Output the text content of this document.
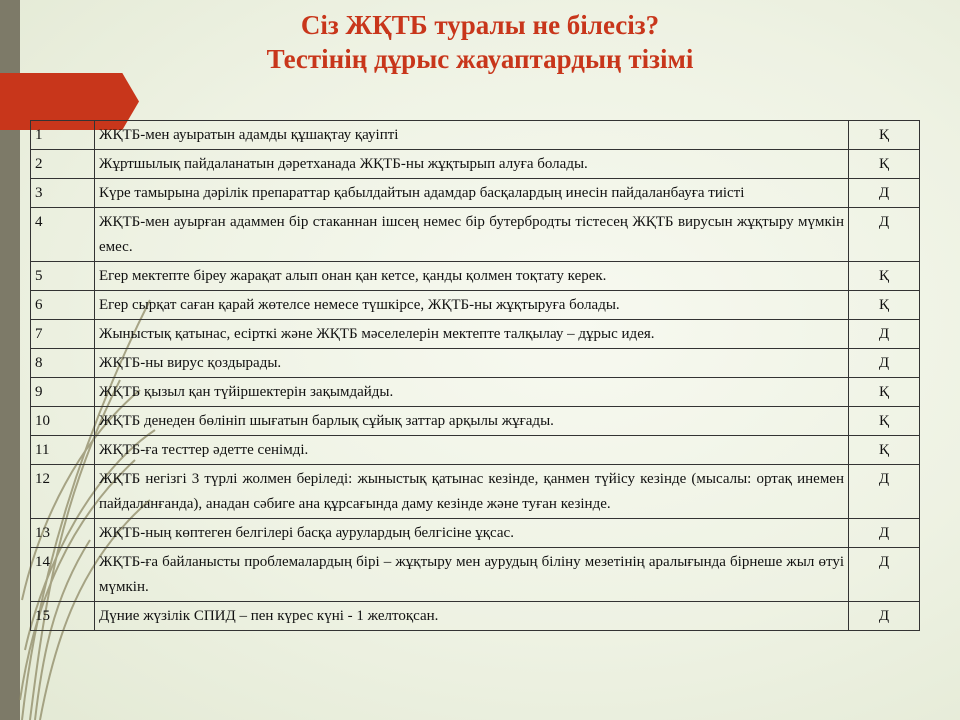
Сіз ЖҚТБ туралы не білесіз?
Тестінің дұрыс жауаптардың тізімі
1	ЖҚТБ-мен ауыратын адамды құшақтау қауіпті	Қ
2	Жұртшылық пайдаланатын дәретханада ЖҚТБ-ны жұқтырып алуға болады.	Қ
3	Күре тамырына дәрілік препараттар қабылдайтын адамдар басқалардың инесін пайдаланбауға тиісті	Д
4	ЖҚТБ-мен ауырған адаммен бір стаканнан ішсең немес бір бутербродты тістесең ЖҚТБ вирусын жұқтыру мүмкін емес.	Д
5	Егер мектепте біреу жарақат алып онан қан кетсе, қанды қолмен тоқтату керек.	Қ
6	Егер сырқат саған қарай жөтелсе немесе түшкірсе, ЖҚТБ-ны жұқтыруға болады.	Қ
7	Жыныстық қатынас, есірткі және ЖҚТБ мәселелерін мектепте талқылау – дұрыс идея.	Д
8	ЖҚТБ-ны вирус қоздырады.	Д
9	ЖҚТБ қызыл қан түйіршектерін зақымдайды.	Қ
10	ЖҚТБ денеден бөлініп шығатын барлық сұйық заттар арқылы жұғады.	Қ
11	ЖҚТБ-ға тесттер әдетте сенімді.	Қ
12	ЖҚТБ негізгі 3 түрлі жолмен беріледі: жыныстық қатынас кезінде, қанмен түйісу кезінде (мысалы: ортақ инемен пайдаланғанда), анадан сәбиге ана құрсағында даму кезінде және туған кезінде.	Д
13	ЖҚТБ-ның көптеген белгілері басқа аурулардың белгісіне ұқсас.	Д
14	ЖҚТБ-ға байланысты проблемалардың бірі – жұқтыру мен аурудың біліну мезетінің аралығында бірнеше жыл өтуі мүмкін.	Д
15	Дүние жүзілік СПИД – пен күрес күні - 1 желтоқсан.	Д
